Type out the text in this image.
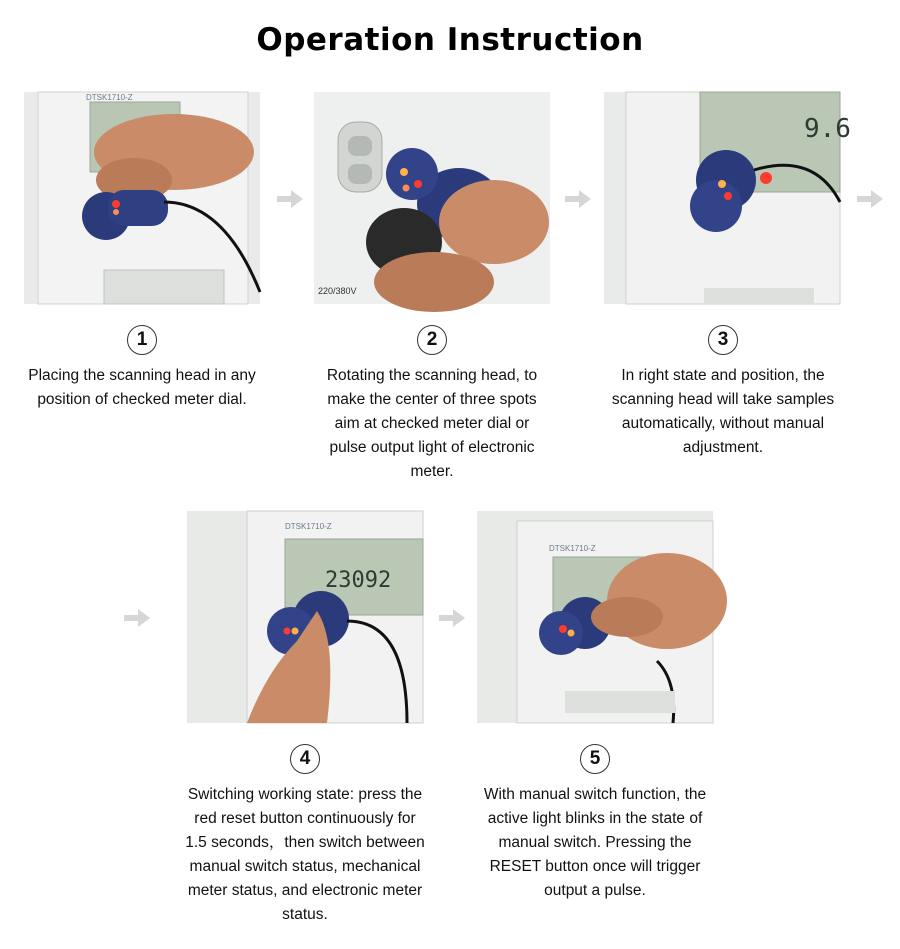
Operation Instruction
DTSK1710-Z
220/380V
9.6
1	2	3
Placing the scanning head in any position of checked meter dial.
Rotating the scanning head, to make the center of three spots aim at checked meter dial or pulse output light of electronic meter.
In right state and position, the scanning head will take samples automatically, without manual adjustment.
DTSK1710-Z
23092
DTSK1710-Z
4	5
Switching working state: press the red reset button continuously for 1.5 seconds，then switch between manual switch status, mechanical meter status, and electronic meter status.
With manual switch function, the active light blinks in the state of manual switch. Pressing the RESET button once will trigger output a pulse.
